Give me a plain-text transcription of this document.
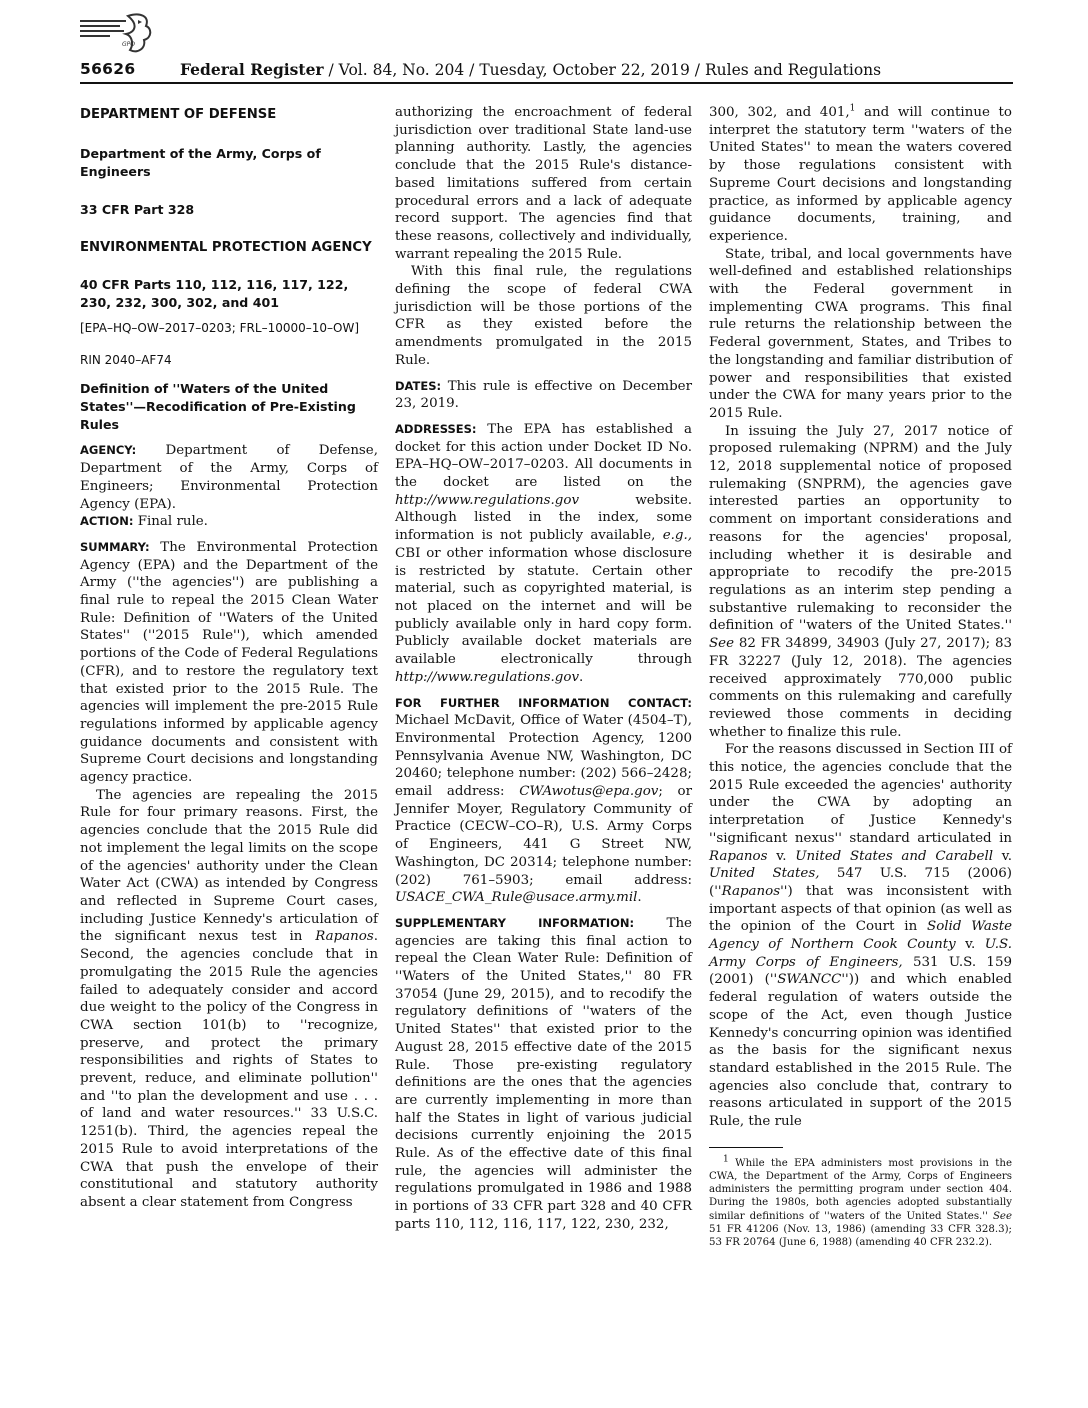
GPO
56626	Federal Register / Vol. 84, No. 204 / Tuesday, October 22, 2019 / Rules and Regulations
DEPARTMENT OF DEFENSE
Department of the Army, Corps of Engineers
33 CFR Part 328
ENVIRONMENTAL PROTECTION AGENCY
40 CFR Parts 110, 112, 116, 117, 122, 230, 232, 300, 302, and 401
[EPA–HQ–OW–2017–0203; FRL–10000–10–OW]
RIN 2040–AF74
Definition of ''Waters of the United States''—Recodification of Pre-Existing Rules

AGENCY: Department of Defense, Department of the Army, Corps of Engineers; Environmental Protection Agency (EPA).

ACTION: Final rule.

SUMMARY: The Environmental Protection Agency (EPA) and the Department of the Army (''the agencies'') are publishing a final rule to repeal the 2015 Clean Water Rule: Definition of ''Waters of the United States'' (''2015 Rule''), which amended portions of the Code of Federal Regulations (CFR), and to restore the regulatory text that existed prior to the 2015 Rule. The agencies will implement the pre-2015 Rule regulations informed by applicable agency guidance documents and consistent with Supreme Court decisions and longstanding agency practice.

The agencies are repealing the 2015 Rule for four primary reasons. First, the agencies conclude that the 2015 Rule did not implement the legal limits on the scope of the agencies' authority under the Clean Water Act (CWA) as intended by Congress and reflected in Supreme Court cases, including Justice Kennedy's articulation of the significant nexus test in Rapanos. Second, the agencies conclude that in promulgating the 2015 Rule the agencies failed to adequately consider and accord due weight to the policy of the Congress in CWA section 101(b) to ''recognize, preserve, and protect the primary responsibilities and rights of States to prevent, reduce, and eliminate pollution'' and ''to plan the development and use . . . of land and water resources.'' 33 U.S.C. 1251(b). Third, the agencies repeal the 2015 Rule to avoid interpretations of the CWA that push the envelope of their constitutional and statutory authority absent a clear statement from Congress

authorizing the encroachment of federal jurisdiction over traditional State land-use planning authority. Lastly, the agencies conclude that the 2015 Rule's distance-based limitations suffered from certain procedural errors and a lack of adequate record support. The agencies find that these reasons, collectively and individually, warrant repealing the 2015 Rule.

With this final rule, the regulations defining the scope of federal CWA jurisdiction will be those portions of the CFR as they existed before the amendments promulgated in the 2015 Rule.

DATES: This rule is effective on December 23, 2019.

ADDRESSES: The EPA has established a docket for this action under Docket ID No. EPA–HQ–OW–2017–0203. All documents in the docket are listed on the http://www.regulations.gov website. Although listed in the index, some information is not publicly available, e.g., CBI or other information whose disclosure is restricted by statute. Certain other material, such as copyrighted material, is not placed on the internet and will be publicly available only in hard copy form. Publicly available docket materials are available electronically through http://www.regulations.gov.

FOR FURTHER INFORMATION CONTACT: Michael McDavit, Office of Water (4504–T), Environmental Protection Agency, 1200 Pennsylvania Avenue NW, Washington, DC 20460; telephone number: (202) 566–2428; email address: CWAwotus@epa.gov; or Jennifer Moyer, Regulatory Community of Practice (CECW–CO–R), U.S. Army Corps of Engineers, 441 G Street NW, Washington, DC 20314; telephone number: (202) 761–5903; email address: USACE_CWA_Rule@usace.army.mil.

SUPPLEMENTARY INFORMATION: The agencies are taking this final action to repeal the Clean Water Rule: Definition of ''Waters of the United States,'' 80 FR 37054 (June 29, 2015), and to recodify the regulatory definitions of ''waters of the United States'' that existed prior to the August 28, 2015 effective date of the 2015 Rule. Those pre-existing regulatory definitions are the ones that the agencies are currently implementing in more than half the States in light of various judicial decisions currently enjoining the 2015 Rule. As of the effective date of this final rule, the agencies will administer the regulations promulgated in 1986 and 1988 in portions of 33 CFR part 328 and 40 CFR parts 110, 112, 116, 117, 122, 230, 232,

300, 302, and 401,$^1$ and will continue to interpret the statutory term ''waters of the United States'' to mean the waters covered by those regulations consistent with Supreme Court decisions and longstanding practice, as informed by applicable agency guidance documents, training, and experience.

State, tribal, and local governments have well-defined and established relationships with the Federal government in implementing CWA programs. This final rule returns the relationship between the Federal government, States, and Tribes to the longstanding and familiar distribution of power and responsibilities that existed under the CWA for many years prior to the 2015 Rule.

In issuing the July 27, 2017 notice of proposed rulemaking (NPRM) and the July 12, 2018 supplemental notice of proposed rulemaking (SNPRM), the agencies gave interested parties an opportunity to comment on important considerations and reasons for the agencies' proposal, including whether it is desirable and appropriate to recodify the pre-2015 regulations as an interim step pending a substantive rulemaking to reconsider the definition of ''waters of the United States.'' See 82 FR 34899, 34903 (July 27, 2017); 83 FR 32227 (July 12, 2018). The agencies received approximately 770,000 public comments on this rulemaking and carefully reviewed those comments in deciding whether to finalize this rule.

For the reasons discussed in Section III of this notice, the agencies conclude that the 2015 Rule exceeded the agencies' authority under the CWA by adopting an interpretation of Justice Kennedy's ''significant nexus'' standard articulated in Rapanos v. United States and Carabell v. United States, 547 U.S. 715 (2006) (''Rapanos'') that was inconsistent with important aspects of that opinion (as well as the opinion of the Court in Solid Waste Agency of Northern Cook County v. U.S. Army Corps of Engineers, 531 U.S. 159 (2001) (''SWANCC'')) and which enabled federal regulation of waters outside the scope of the Act, even though Justice Kennedy's concurring opinion was identified as the basis for the significant nexus standard established in the 2015 Rule. The agencies also conclude that, contrary to reasons articulated in support of the 2015 Rule, the rule

1 While the EPA administers most provisions in the CWA, the Department of the Army, Corps of Engineers administers the permitting program under section 404. During the 1980s, both agencies adopted substantially similar definitions of ''waters of the United States.'' See 51 FR 41206 (Nov. 13, 1986) (amending 33 CFR 328.3); 53 FR 20764 (June 6, 1988) (amending 40 CFR 232.2).
